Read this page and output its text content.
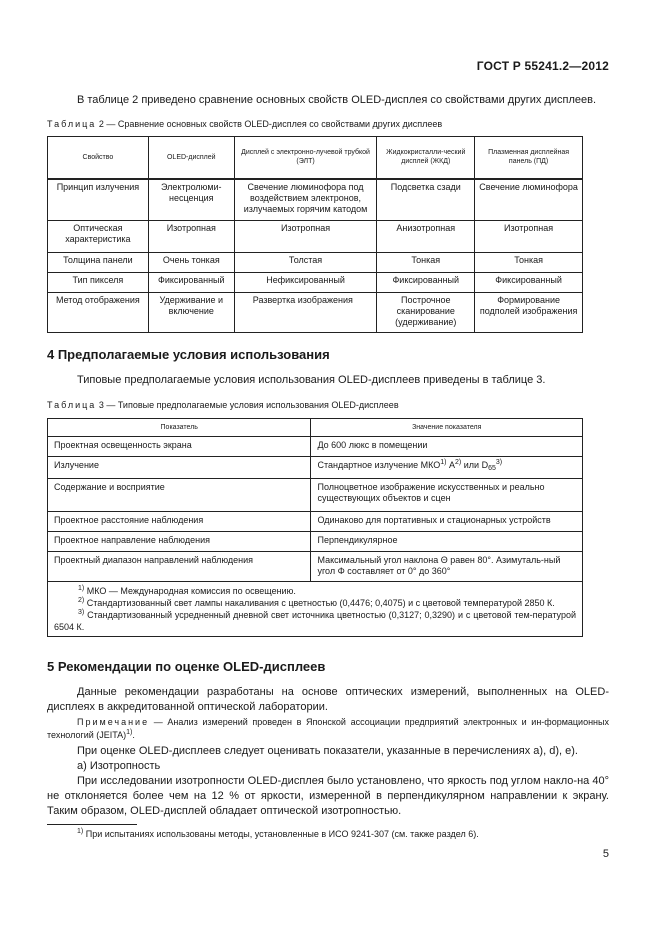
ГОСТ Р 55241.2—2012
В таблице 2 приведено сравнение основных свойств OLED-дисплея со свойствами других дисплеев.
Таблица 2 — Сравнение основных свойств OLED-дисплея со свойствами других дисплеев
Свойство	OLED-дисплей	Дисплей с электронно-лучевой трубкой (ЭЛТ)	Жидкокристалли-ческий дисплей (ЖКД)	Плазменная дисплейная панель (ПД)
Принцип излучения	Электролюми-несценция	Свечение люминофора под воздействием электронов, излучаемых горячим катодом	Подсветка сзади	Свечение люминофора
Оптическая характеристика	Изотропная	Изотропная	Анизотропная	Изотропная
Толщина панели	Очень тонкая	Толстая	Тонкая	Тонкая
Тип пикселя	Фиксированный	Нефиксированный	Фиксированный	Фиксированный
Метод отображения	Удерживание и включение	Развертка изображения	Построчное сканирование (удерживание)	Формирование подполей изображения
4 Предполагаемые условия использования
Типовые предполагаемые условия использования OLED-дисплеев приведены в таблице 3.
Таблица 3 — Типовые предполагаемые условия использования OLED-дисплеев
Показатель	Значение показателя
Проектная освещенность экрана	До 600 люкс в помещении
Излучение	Стандартное излучение МКО$^{1)}$ $А^{2)}$ или $D_{65}^{3)}$
Содержание и восприятие	Полноцветное изображение искусственных и реально существующих объектов и сцен
Проектное расстояние наблюдения	Одинаково для портативных и стационарных устройств
Проектное направление наблюдения	Перпендикулярное
Проектный диапазон направлений наблюдения	Максимальный угол наклона Θ равен 80°. Азимуталь-ный угол Φ составляет от 0° до 360°

$^{1)}$ МКО — Международная комиссия по освещению.
$^{2)}$ Стандартизованный свет лампы накаливания с цветностью (0,4476; 0,4075) и с цветовой температурой 2850 К.
$^{3)}$ Стандартизованный усредненный дневной свет источника цветностью (0,3127; 0,3290) и с цветовой тем-пературой 6504 К.	
5 Рекомендации по оценке OLED-дисплеев
Данные рекомендации разработаны на основе оптических измерений, выполненных на OLED-дисплеях в аккредитованной оптической лаборатории.
Примечание — Анализ измерений проведен в Японской ассоциации предприятий электронных и ин-формационных технологий (JEITA)$^{1)}$.
При оценке OLED-дисплеев следует оценивать показатели, указанные в перечислениях а), d), e).
а) Изотропность
При исследовании изотропности OLED-дисплея было установлено, что яркость под углом накло-на 40° не отклоняется более чем на 12 % от яркости, измеренной в перпендикулярном направлении к экрану. Таким образом, OLED-дисплей обладает оптической изотропностью.
$^{1)}$ При испытаниях использованы методы, установленные в ИСО 9241-307 (см. также раздел 6).
5
